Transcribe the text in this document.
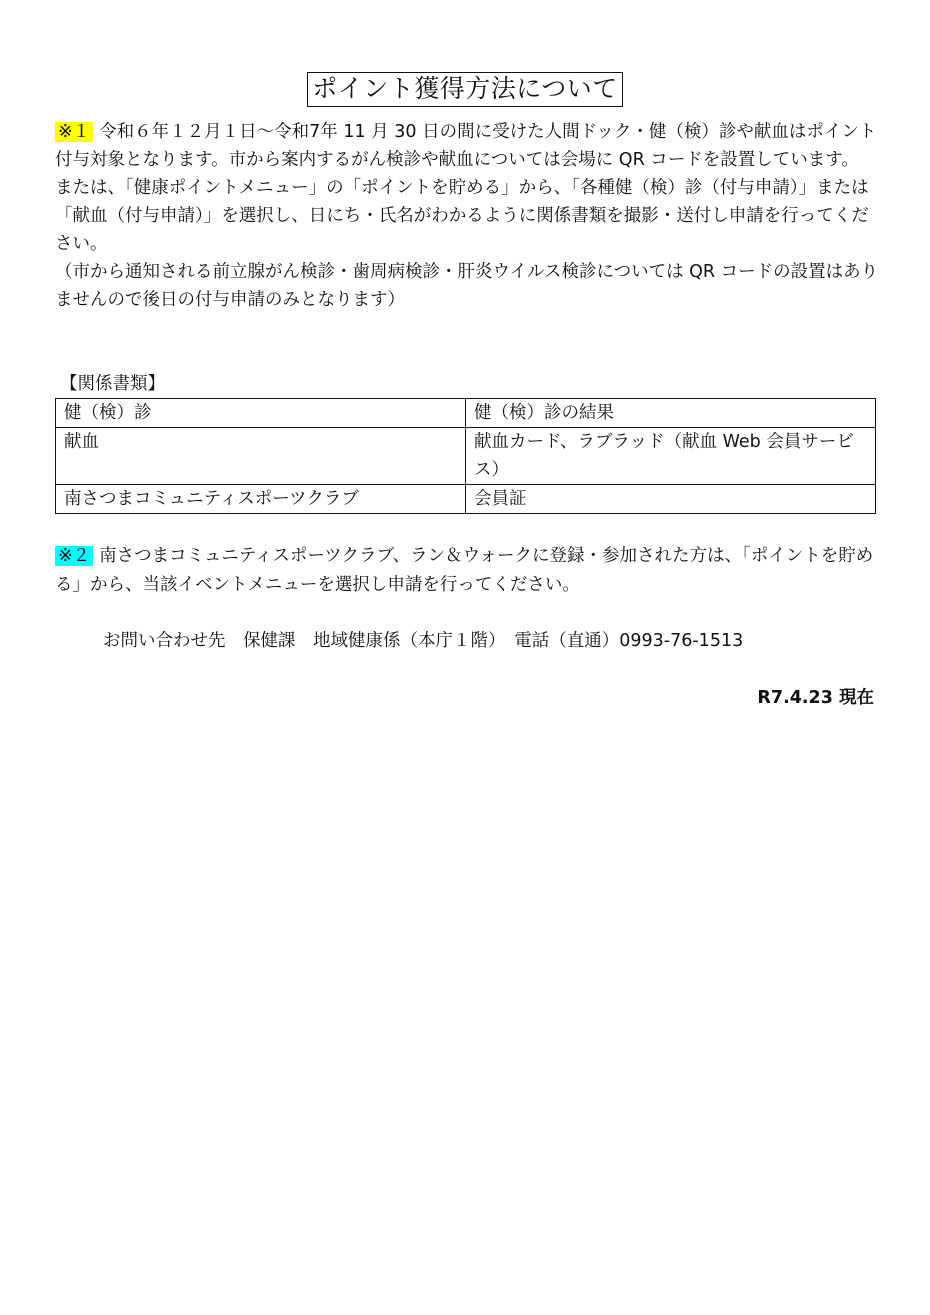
ポイント獲得方法について

※１ 令和６年１２月１日～令和7年 11 月 30 日の間に受けた人間ドック・健（検）診や献血はポイント付与対象となります。市から案内するがん検診や献血については会場に QR コードを設置しています。

または、「健康ポイントメニュー」の「ポイントを貯める」から、「各種健（検）診（付与申請）」または「献血（付与申請）」を選択し、日にち・氏名がわかるように関係書類を撮影・送付し申請を行ってください。

（市から通知される前立腺がん検診・歯周病検診・肝炎ウイルス検診については QR コードの設置はありませんので後日の付与申請のみとなります）

【関係書類】
健（検）診	健（検）診の結果
献血	献血カード、ラブラッド（献血 Web 会員サービス）
南さつまコミュニティスポーツクラブ	会員証
※２ 南さつまコミュニティスポーツクラブ、ラン＆ウォークに登録・参加された方は、「ポイントを貯める」から、当該イベントメニューを選択し申請を行ってください。
お問い合わせ先　保健課　地域健康係（本庁１階）　電話（直通）0993-76-1513
R7.4.23 現在
